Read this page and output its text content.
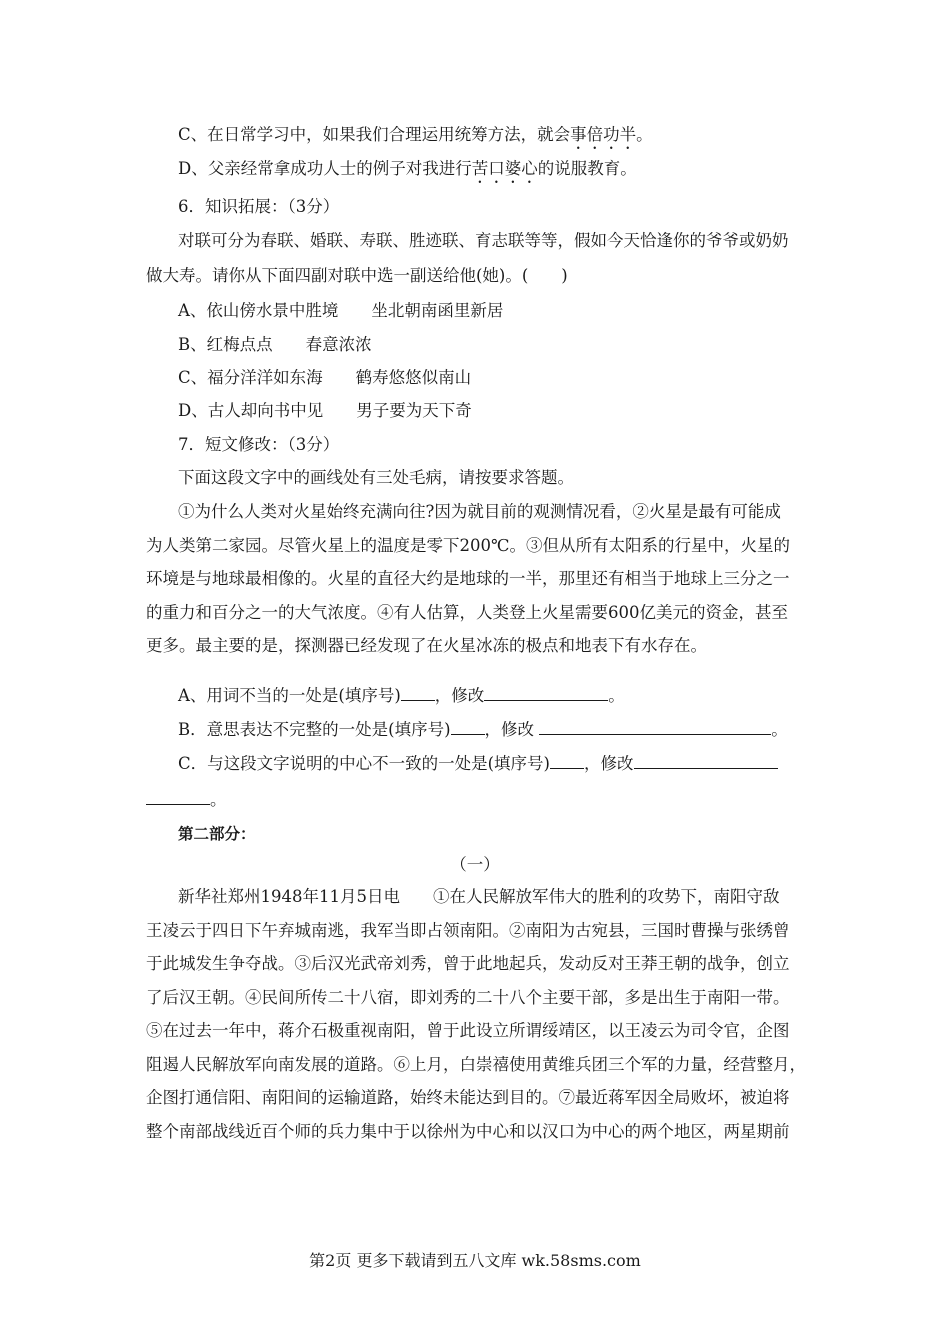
C、在日常学习中，如果我们合理运用统筹方法，就会事倍功半。
D、父亲经常拿成功人士的例子对我进行苦口婆心的说服教育。
6．知识拓展：（3分）
对联可分为春联、婚联、寿联、胜迹联、育志联等等，假如今天恰逢你的爷爷或奶奶
做大寿。请你从下面四副对联中选一副送给他(她)。(　　)
A、依山傍水景中胜境　　坐北朝南函里新居
B、红梅点点　　春意浓浓
C、福分洋洋如东海　　鹤寿悠悠似南山
D、古人却向书中见　　男子要为天下奇
7．短文修改：（3分）
下面这段文字中的画线处有三处毛病，请按要求答题。

①为什么人类对火星始终充满向往?因为就目前的观测情况看，②火星是最有可能成

为人类第二家园。尽管火星上的温度是零下200℃。③但从所有太阳系的行星中，火星的

环境是与地球最相像的。火星的直径大约是地球的一半，那里还有相当于地球上三分之一

的重力和百分之一的大气浓度。④有人估算，人类登上火星需要600亿美元的资金，甚至

更多。最主要的是，探测器已经发现了在火星冰冻的极点和地表下有水存在。

A、用词不当的一处是(填序号) ，修改	。
B．意思表达不完整的一处是(填序号) ，修改	。
C．与这段文字说明的中心不一致的一处是(填序号) ，修改
。
第二部分：
（一）

新华社郑州1948年11月5日电　　①在人民解放军伟大的胜利的攻势下，南阳守敌

王凌云于四日下午弃城南逃，我军当即占领南阳。②南阳为古宛县，三国时曹操与张绣曾

于此城发生争夺战。③后汉光武帝刘秀，曾于此地起兵，发动反对王莽王朝的战争，创立

了后汉王朝。④民间所传二十八宿，即刘秀的二十八个主要干部，多是出生于南阳一带。

⑤在过去一年中，蒋介石极重视南阳，曾于此设立所谓绥靖区，以王凌云为司令官，企图

阻遏人民解放军向南发展的道路。⑥上月，白崇禧使用黄维兵团三个军的力量，经营整月，

企图打通信阳、南阳间的运输道路，始终未能达到目的。⑦最近蒋军因全局败坏，被迫将

整个南部战线近百个师的兵力集中于以徐州为中心和以汉口为中心的两个地区，两星期前

第2页 更多下载请到五八文库 wk.58sms.com
